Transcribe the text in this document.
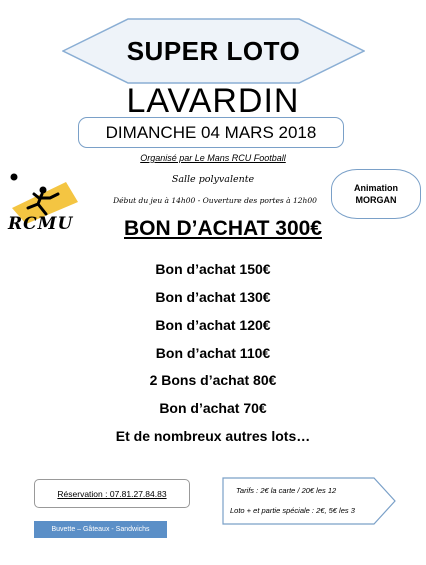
SUPER LOTO
LAVARDIN
DIMANCHE 04 MARS 2018
Organisé par Le Mans RCU Football
Salle polyvalente
Début du jeu à 14h00 - Ouverture des portes à 12h00
Animation
MORGAN
RCMU	BON D’ACHAT 300€
Bon d’achat 150€
Bon d’achat 130€
Bon d’achat 120€
Bon d’achat 110€
2 Bons d’achat 80€
Bon d’achat 70€
Et de nombreux autres lots…
Réservation : 07.81.27.84.83
Buvette – Gâteaux - Sandwichs
Tarifs : 2€ la carte / 20€ les 12
Loto + et partie spéciale : 2€, 5€ les 3
